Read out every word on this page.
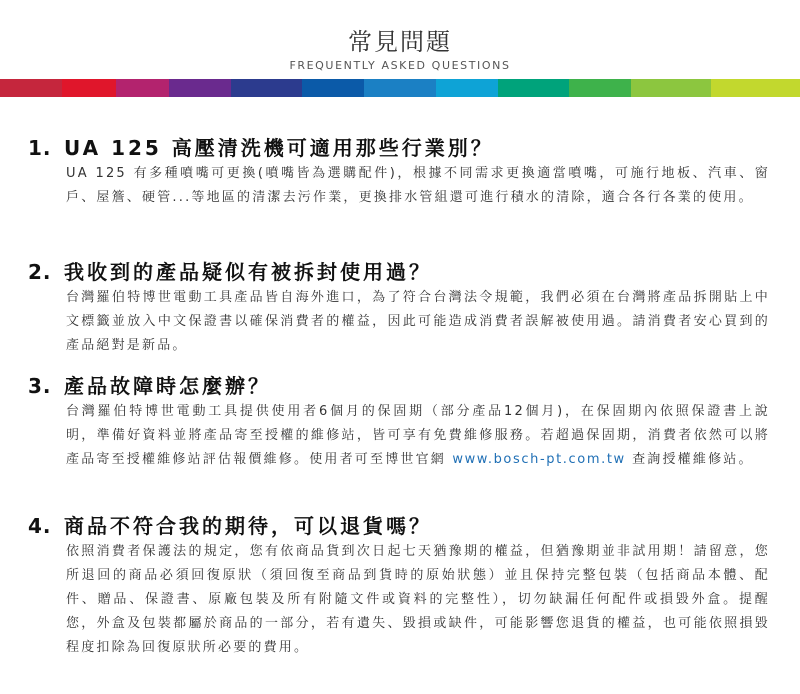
常見問題
FREQUENTLY ASKED QUESTIONS
1. UA 125 高壓清洗機可適用那些行業別？

UA 125 有多種噴嘴可更換(噴嘴皆為選購配件)，根據不同需求更換適當噴嘴，可施行地板、汽車、窗戶、屋簷、硬管...等地區的清潔去污作業，更換排水管組還可進行積水的清除，適合各行各業的使用。

2. 我收到的產品疑似有被拆封使用過？

台灣羅伯特博世電動工具產品皆自海外進口，為了符合台灣法令規範，我們必須在台灣將產品拆開貼上中文標籤並放入中文保證書以確保消費者的權益，因此可能造成消費者誤解被使用過。請消費者安心買到的產品絕對是新品。

3. 產品故障時怎麼辦？

台灣羅伯特博世電動工具提供使用者6個月的保固期（部分產品12個月)，在保固期內依照保證書上說明，準備好資料並將產品寄至授權的維修站，皆可享有免費維修服務。若超過保固期，消費者依然可以將產品寄至授權維修站評估報價維修。使用者可至博世官網 www.bosch-pt.com.tw 查詢授權維修站。

4. 商品不符合我的期待，可以退貨嗎？

依照消費者保護法的規定，您有依商品貨到次日起七天猶豫期的權益，但猶豫期並非試用期！請留意，您所退回的商品必須回復原狀（須回復至商品到貨時的原始狀態）並且保持完整包裝（包括商品本體、配件、贈品、保證書、原廠包裝及所有附隨文件或資料的完整性），切勿缺漏任何配件或損毀外盒。提醒您，外盒及包裝都屬於商品的一部分，若有遺失、毀損或缺件，可能影響您退貨的權益，也可能依照損毀程度扣除為回復原狀所必要的費用。
